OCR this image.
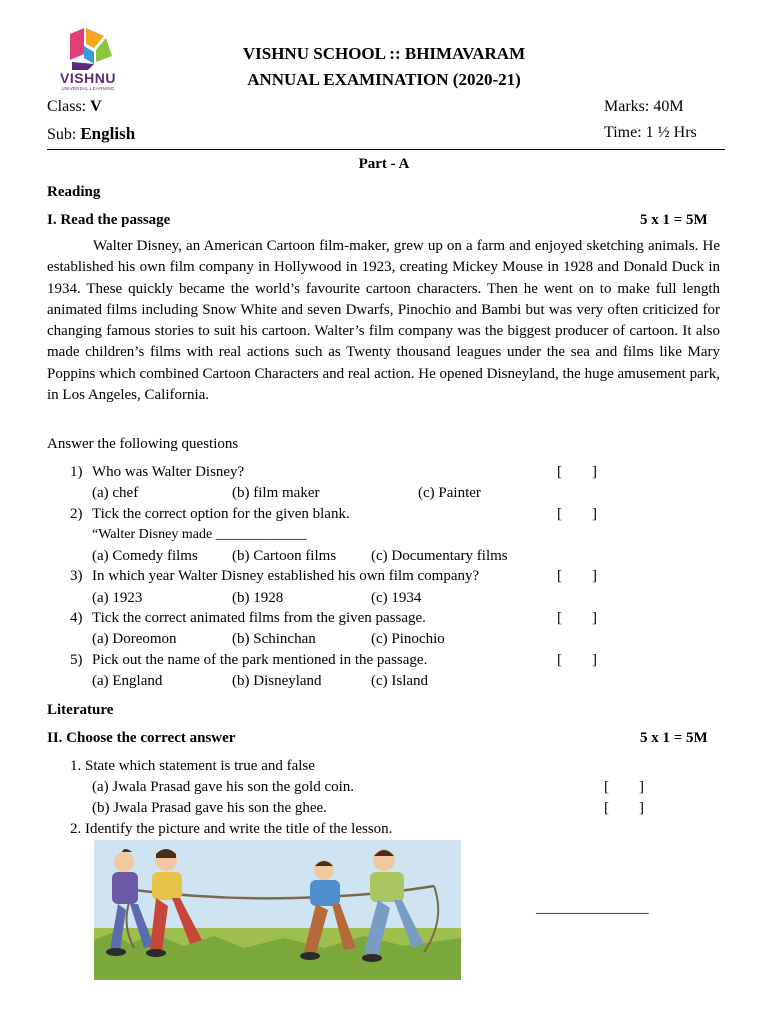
VISHNU
UNIVERSAL LEARNING
VISHNU SCHOOL :: BHIMAVARAM
ANNUAL EXAMINATION (2020-21)
Class: V	Marks: 40M
Sub: English	Time: 1 ½ Hrs
Part - A
Reading
I. Read the passage	5 x 1 = 5M

Walter Disney, an American Cartoon film-maker, grew up on a farm and enjoyed sketching animals. He established his own film company in Hollywood in 1923, creating Mickey Mouse in 1928 and Donald Duck in 1934. These quickly became the world’s favourite cartoon characters. Then he went on to make full length animated films including Snow White and seven Dwarfs, Pinochio and Bambi but was very often criticized for changing famous stories to suit his cartoon. Walter’s film company was the biggest producer of cartoon. It also made children’s films with real actions such as Twenty thousand leagues under the sea and films like Mary Poppins which combined Cartoon Characters and real action. He opened Disneyland, the huge amusement park, in Los Angeles, California.

Answer the following questions
1) Who was Walter Disney?	[        ]
(a) chef	(b) film maker	(c) Painter
2) Tick the correct option for the given blank.	[        ]
“Walter Disney made _____________
(a) Comedy films (b) Cartoon films (c) Documentary films
3) In which year Walter Disney established his own film company?	[        ]
(a) 1923	(b) 1928	(c) 1934
4) Tick the correct animated films from the given passage.	[        ]
(a) Doreomon	(b) Schinchan	(c) Pinochio
5) Pick out the name of the park mentioned in the passage.	[        ]
(a) England	(b) Disneyland	(c) Island
Literature
II. Choose the correct answer	5 x 1 = 5M
1. State which statement is true and false
(a) Jwala Prasad gave his son the gold coin.	[        ]
(b) Jwala Prasad gave his son the ghee.	[        ]
2. Identify the picture and write the title of the lesson.
_______________
